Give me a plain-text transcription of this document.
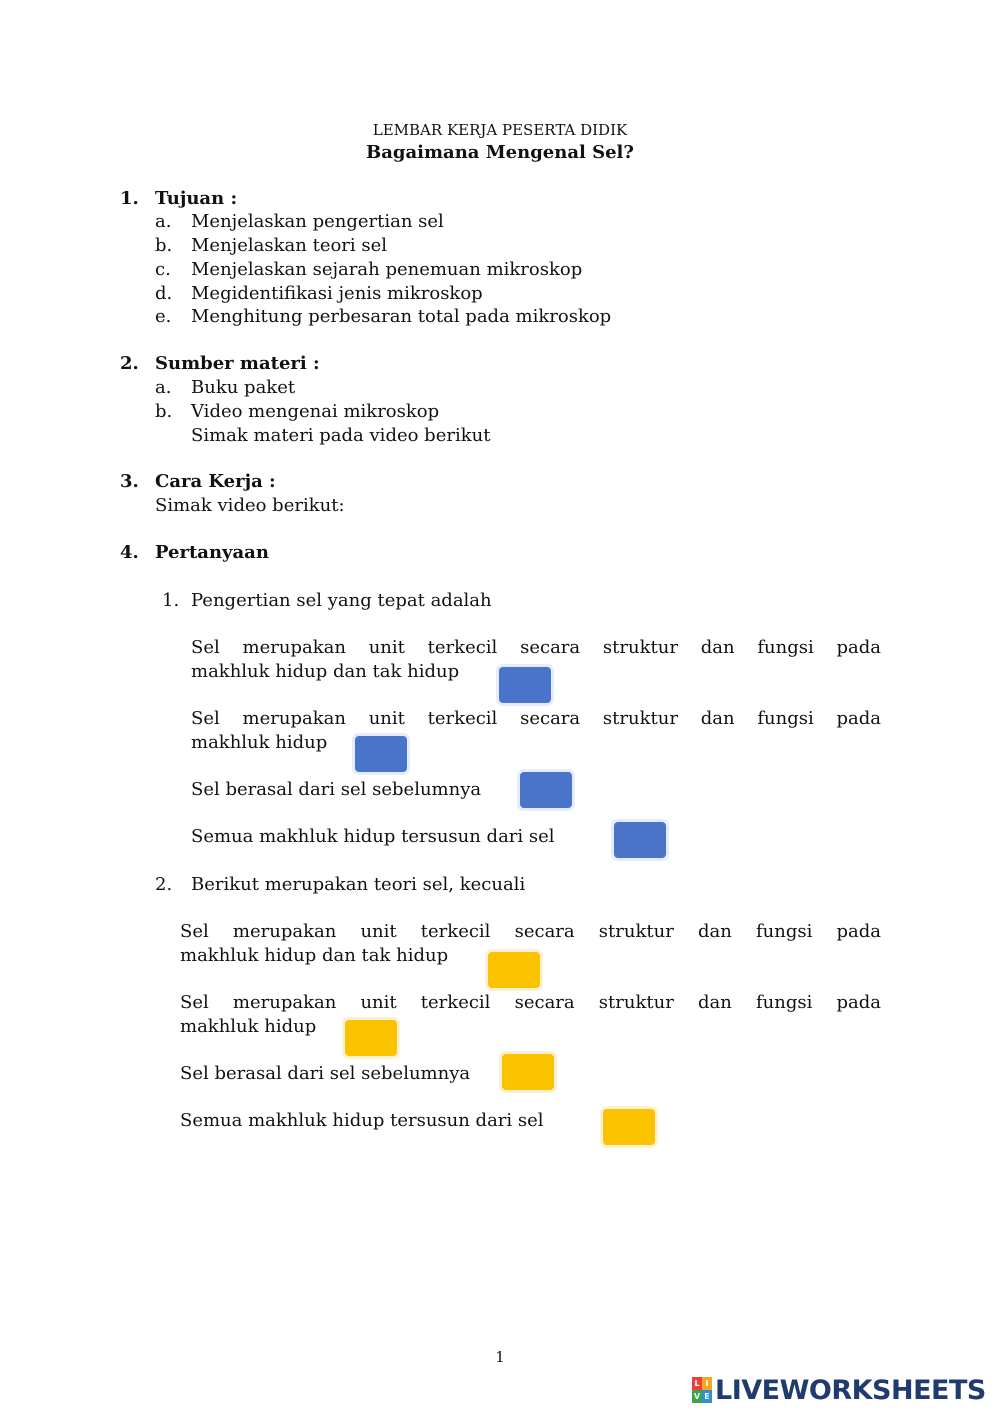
LEMBAR KERJA PESERTA DIDIK
Bagaimana Mengenal Sel?
1. Tujuan :
a. Menjelaskan pengertian sel
b. Menjelaskan teori sel
c. Menjelaskan sejarah penemuan mikroskop
d. Megidentifikasi jenis mikroskop
e. Menghitung perbesaran total pada mikroskop
2. Sumber materi :
a. Buku paket
b. Video mengenai mikroskop
Simak materi pada video berikut
3. Cara Kerja :
Simak video berikut:
4. Pertanyaan
1. Pengertian sel yang tepat adalah
Sel merupakan unit terkecil secara struktur dan fungsi pada
makhluk hidup dan tak hidup
Sel merupakan unit terkecil secara struktur dan fungsi pada
makhluk hidup
Sel berasal dari sel sebelumnya
Semua makhluk hidup tersusun dari sel
2. Berikut merupakan teori sel, kecuali
Sel merupakan unit terkecil secara struktur dan fungsi pada
makhluk hidup dan tak hidup
Sel merupakan unit terkecil secara struktur dan fungsi pada
makhluk hidup
Sel berasal dari sel sebelumnya
Semua makhluk hidup tersusun dari sel
1
L I
V E LIVEWORKSHEETS
